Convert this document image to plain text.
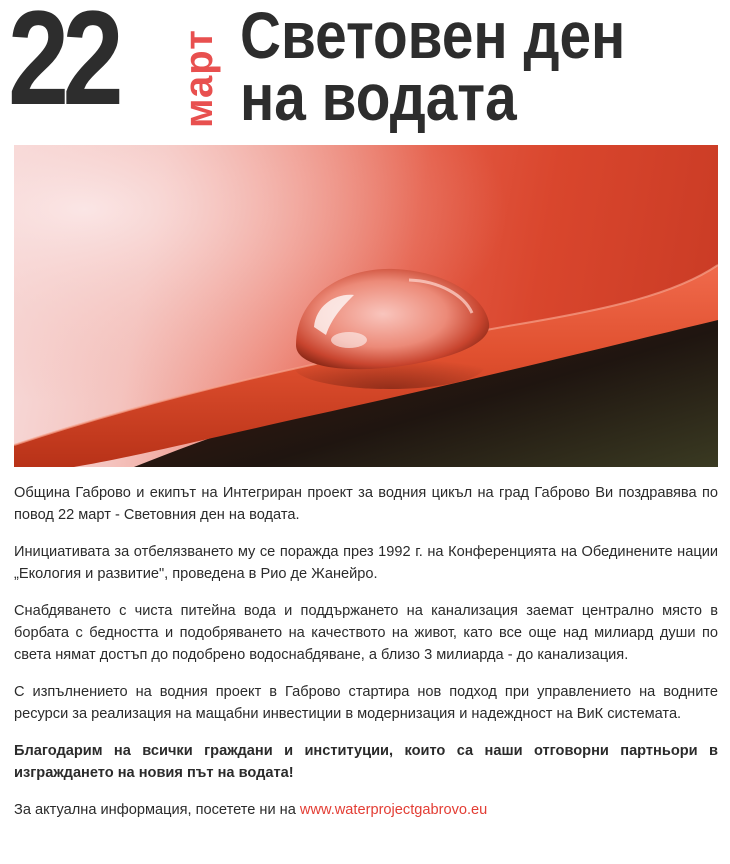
22 март Световен ден
на водата

Община Габрово и екипът на Интегриран проект за водния цикъл на град Габрово Ви поздравява по повод 22 март - Световния ден на водата.

Инициативата за отбелязването му се поражда през 1992 г. на Конференцията на Обединените нации „Екология и развитие", проведена в Рио де Жанейро.

Снабдяването с чиста питейна вода и поддържането на канализация заемат централно място в борбата с бедността и подобряването на качеството на живот, като все още над милиард души по света нямат достъп до подобрено водоснабдяване, а близо 3 милиарда - до канализация.

С изпълнението на водния проект в Габрово стартира нов подход при управлението на водните ресурси за реализация на мащабни инвестиции в модернизация и надеждност на ВиК системата.

Благодарим на всички граждани и институции, които са наши отговорни партньори в изграждането на новия път на водата!

За актуална информация, посетете ни на www.waterprojectgabrovo.eu
